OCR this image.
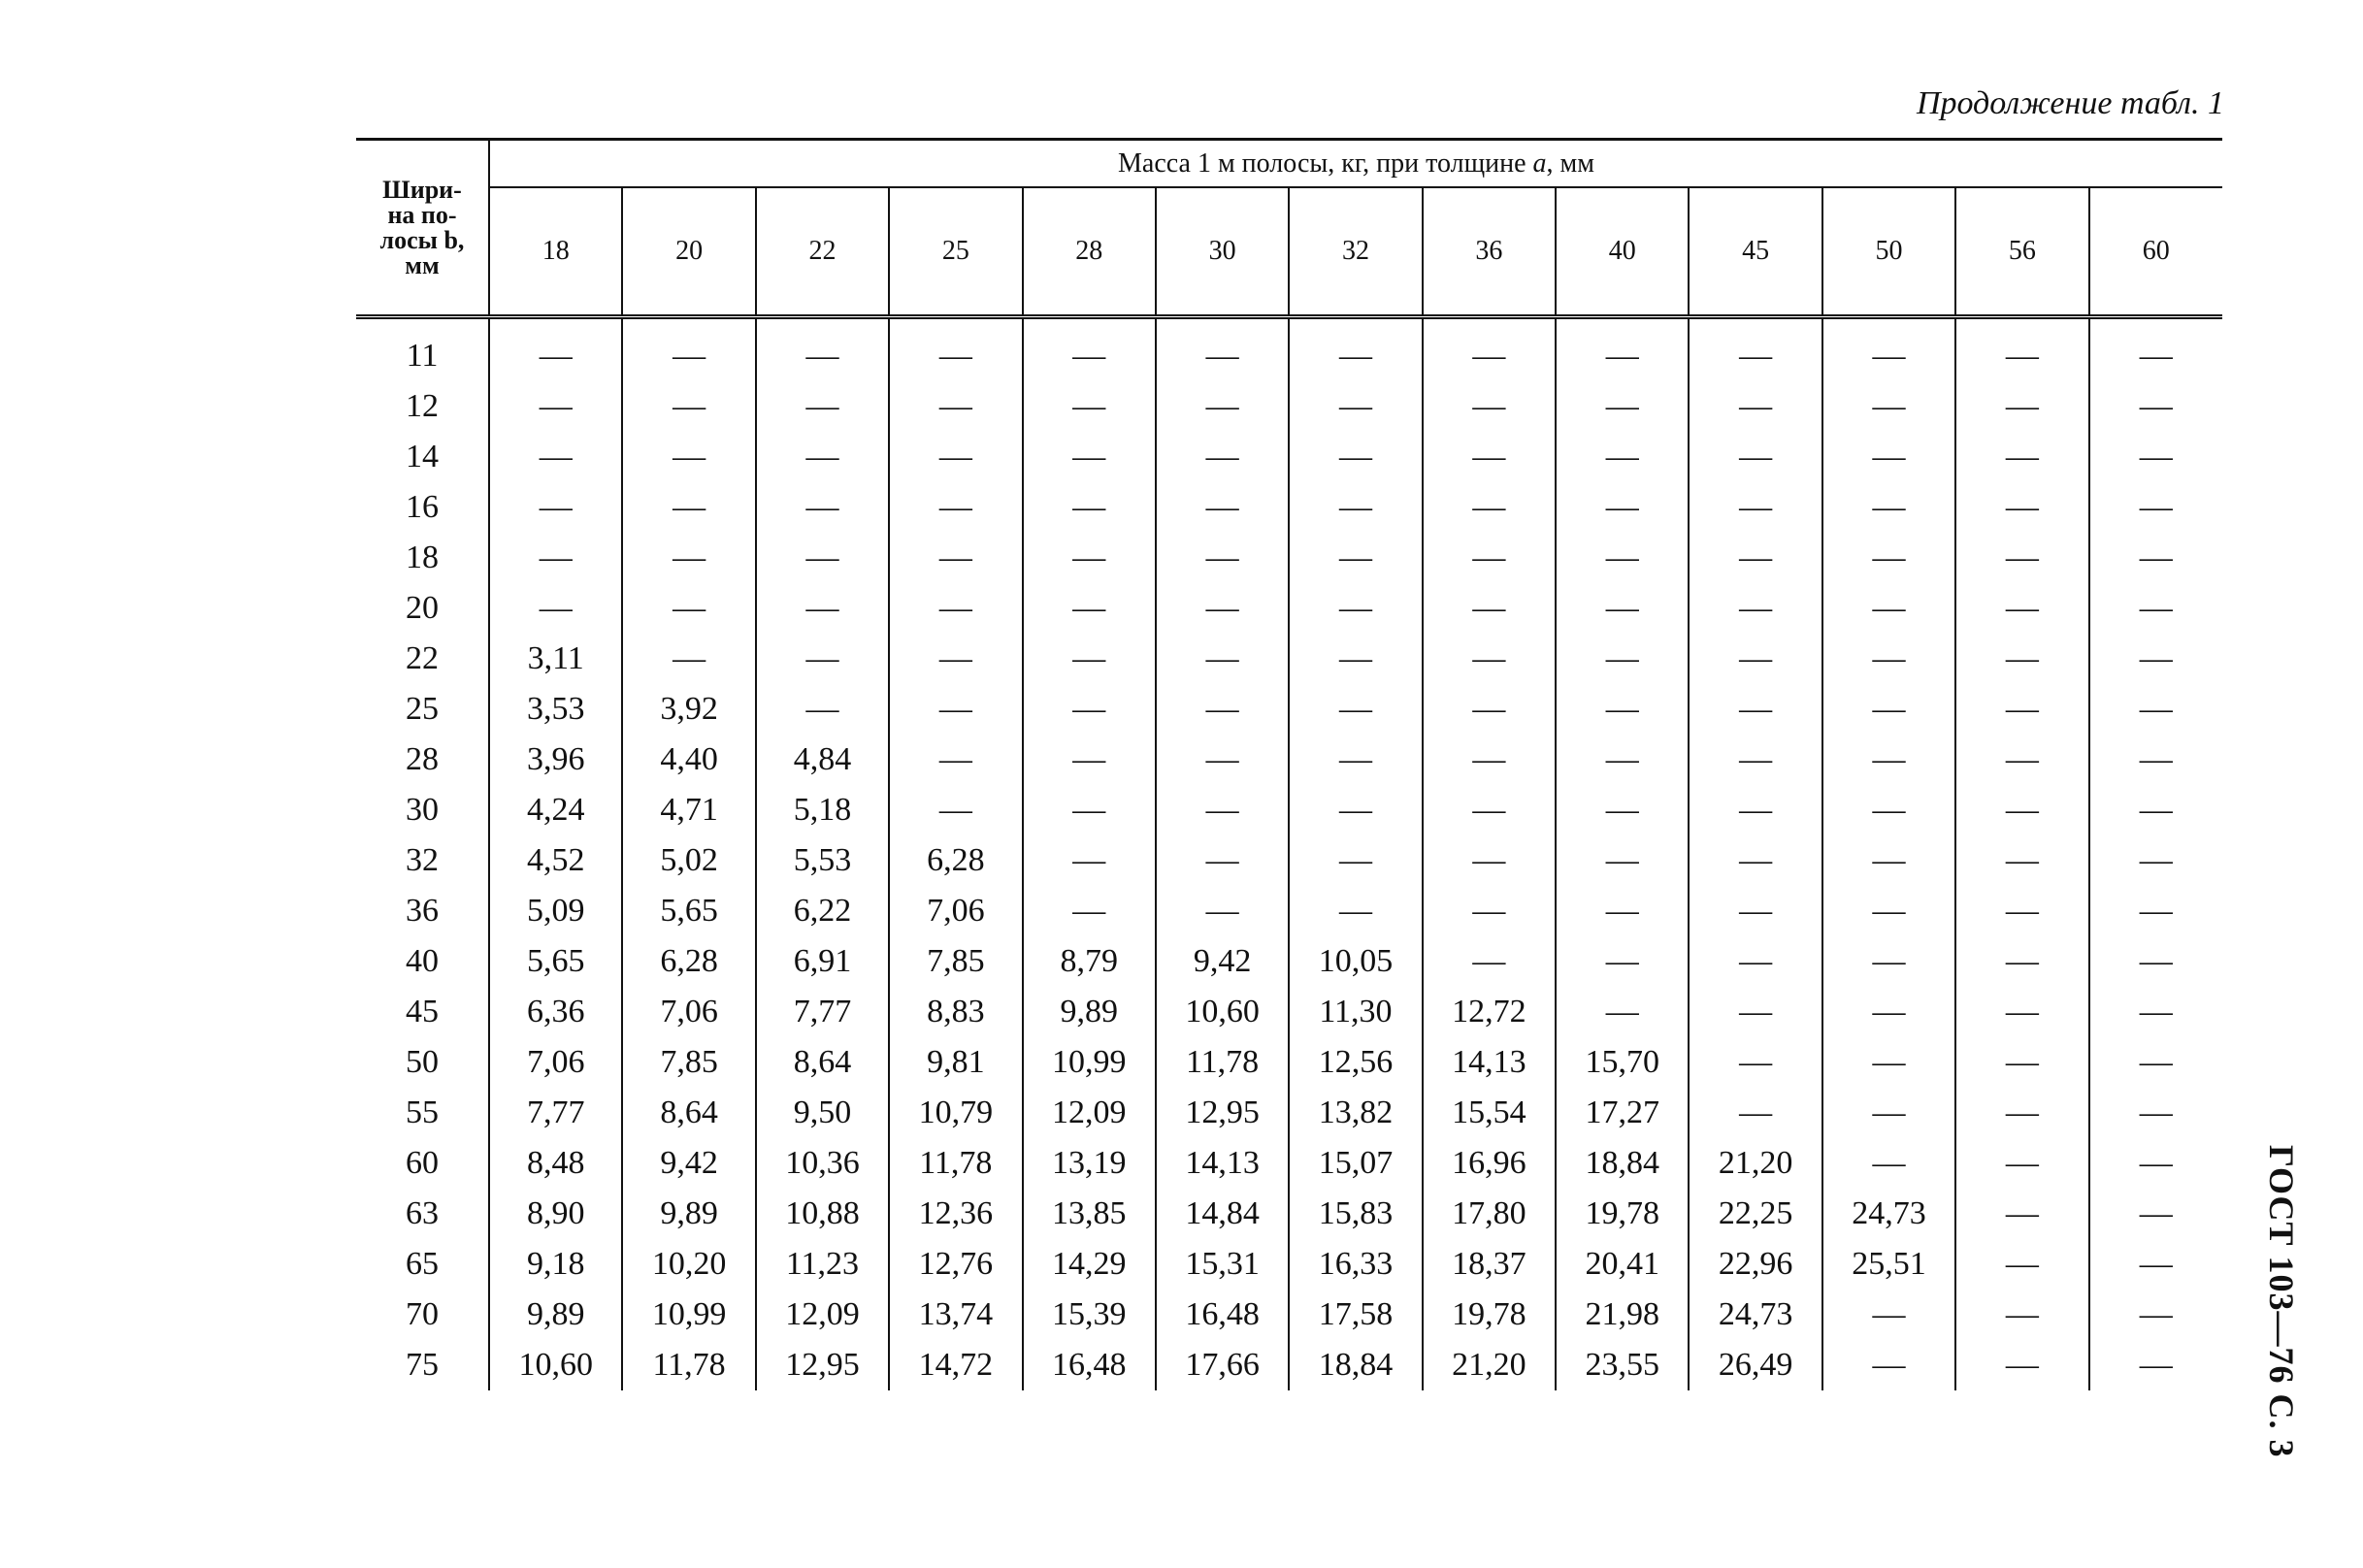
Продолжение табл. 1
Шири-
на по-
лосы b,
мм	Масса 1 м полосы, кг, при толщине a, мм												
	18	20	22	25	28	30	32	36	40	45	50	56	60
11	—	—	—	—	—	—	—	—	—	—	—	—	—
12	—	—	—	—	—	—	—	—	—	—	—	—	—
14	—	—	—	—	—	—	—	—	—	—	—	—	—
16	—	—	—	—	—	—	—	—	—	—	—	—	—
18	—	—	—	—	—	—	—	—	—	—	—	—	—
20	—	—	—	—	—	—	—	—	—	—	—	—	—
22	3,11	—	—	—	—	—	—	—	—	—	—	—	—
25	3,53	3,92	—	—	—	—	—	—	—	—	—	—	—
28	3,96	4,40	4,84	—	—	—	—	—	—	—	—	—	—
30	4,24	4,71	5,18	—	—	—	—	—	—	—	—	—	—
32	4,52	5,02	5,53	6,28	—	—	—	—	—	—	—	—	—
36	5,09	5,65	6,22	7,06	—	—	—	—	—	—	—	—	—
40	5,65	6,28	6,91	7,85	8,79	9,42	10,05	—	—	—	—	—	—
45	6,36	7,06	7,77	8,83	9,89	10,60	11,30	12,72	—	—	—	—	—
50	7,06	7,85	8,64	9,81	10,99	11,78	12,56	14,13	15,70	—	—	—	—
55	7,77	8,64	9,50	10,79	12,09	12,95	13,82	15,54	17,27	—	—	—	—
60	8,48	9,42	10,36	11,78	13,19	14,13	15,07	16,96	18,84	21,20	—	—	—
63	8,90	9,89	10,88	12,36	13,85	14,84	15,83	17,80	19,78	22,25	24,73	—	—
65	9,18	10,20	11,23	12,76	14,29	15,31	16,33	18,37	20,41	22,96	25,51	—	—
70	9,89	10,99	12,09	13,74	15,39	16,48	17,58	19,78	21,98	24,73	—	—	—
75	10,60	11,78	12,95	14,72	16,48	17,66	18,84	21,20	23,55	26,49	—	—	—	ГОСТ 103—76 С. 3
